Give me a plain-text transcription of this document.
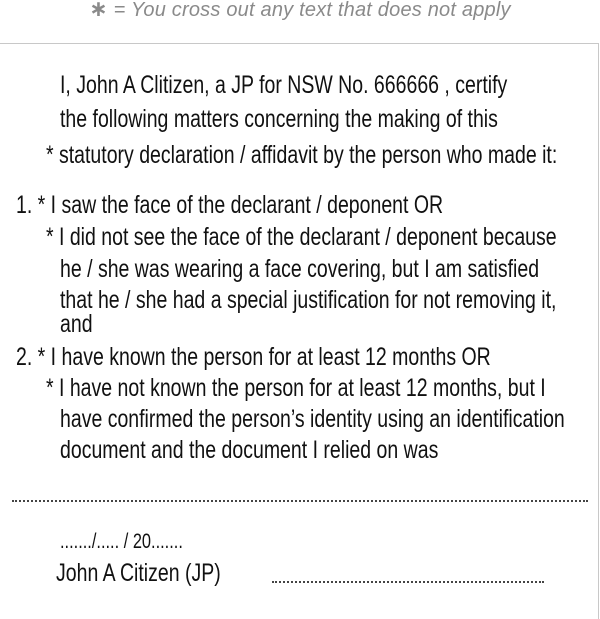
∗ = You cross out any text that does not apply
I, John A Clitizen, a JP for NSW No. 666666 , certify
the following matters concerning the making of this
* statutory declaration / affidavit by the person who made it:
1. * I saw the face of the declarant / deponent OR
* I did not see the face of the declarant / deponent because
he / she was wearing a face covering, but I am satisfied
that he / she had a special justification for not removing it,
and
2. * I have known the person for at least 12 months OR
* I have not known the person for at least 12 months, but I
have confirmed the person’s identity using an identification
document and the document I relied on was
......./..... / 20.......
John A Citizen (JP)
